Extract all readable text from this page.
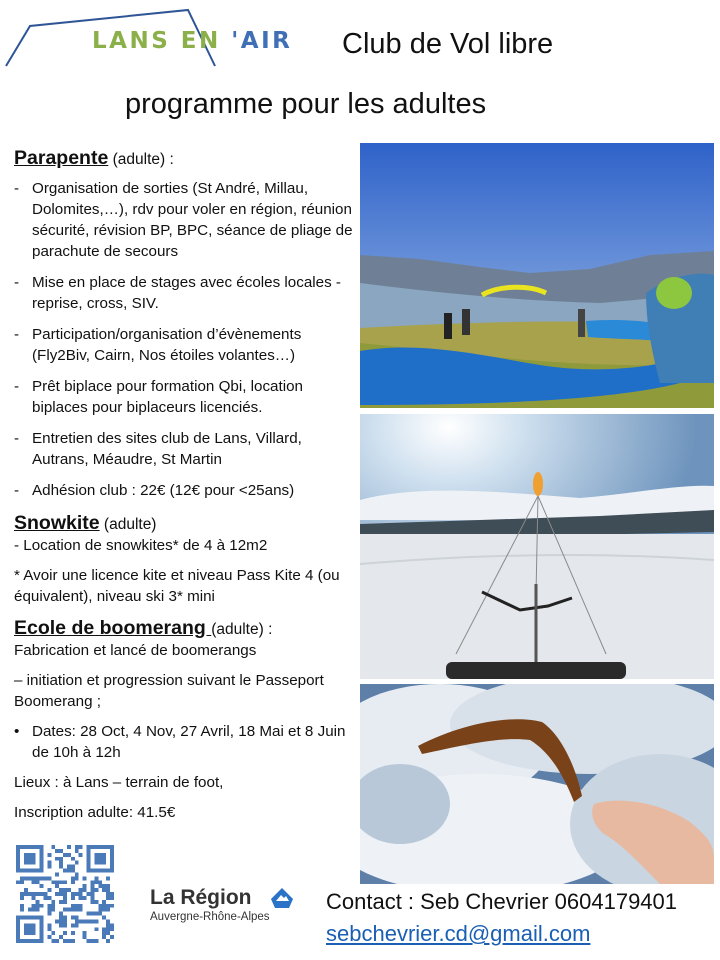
LANS EN 'AIR Club de Vol libre
programme pour les adultes
Parapente (adulte) :
- Organisation de sorties (St André, Millau, Dolomites,…), rdv pour voler en région, réunion sécurité, révision BP, BPC, séance de pliage de parachute de secours
- Mise en place de stages avec écoles locales -reprise, cross, SIV.
- Participation/organisation d’évènements (Fly2Biv, Cairn, Nos étoiles volantes…)
- Prêt biplace pour formation Qbi, location biplaces pour biplaceurs licenciés.
- Entretien des sites club de Lans, Villard, Autrans, Méaudre, St Martin
- Adhésion club : 22€ (12€ pour <25ans)
Snowkite (adulte)
- Location de snowkites* de 4 à 12m2
* Avoir une licence kite et niveau Pass Kite 4 (ou équivalent), niveau ski 3* mini
Ecole de boomerang (adulte) :
Fabrication et lancé de boomerangs
– initiation et progression suivant le Passeport Boomerang ;
• Dates: 28 Oct, 4 Nov, 27 Avril, 18 Mai et 8 Juin de 10h à 12h
Lieux : à Lans – terrain de foot,
Inscription adulte: 41.5€
La Région
Auvergne-Rhône-Alpes
Contact : Seb Chevrier 0604179401
sebchevrier.cd@gmail.com
